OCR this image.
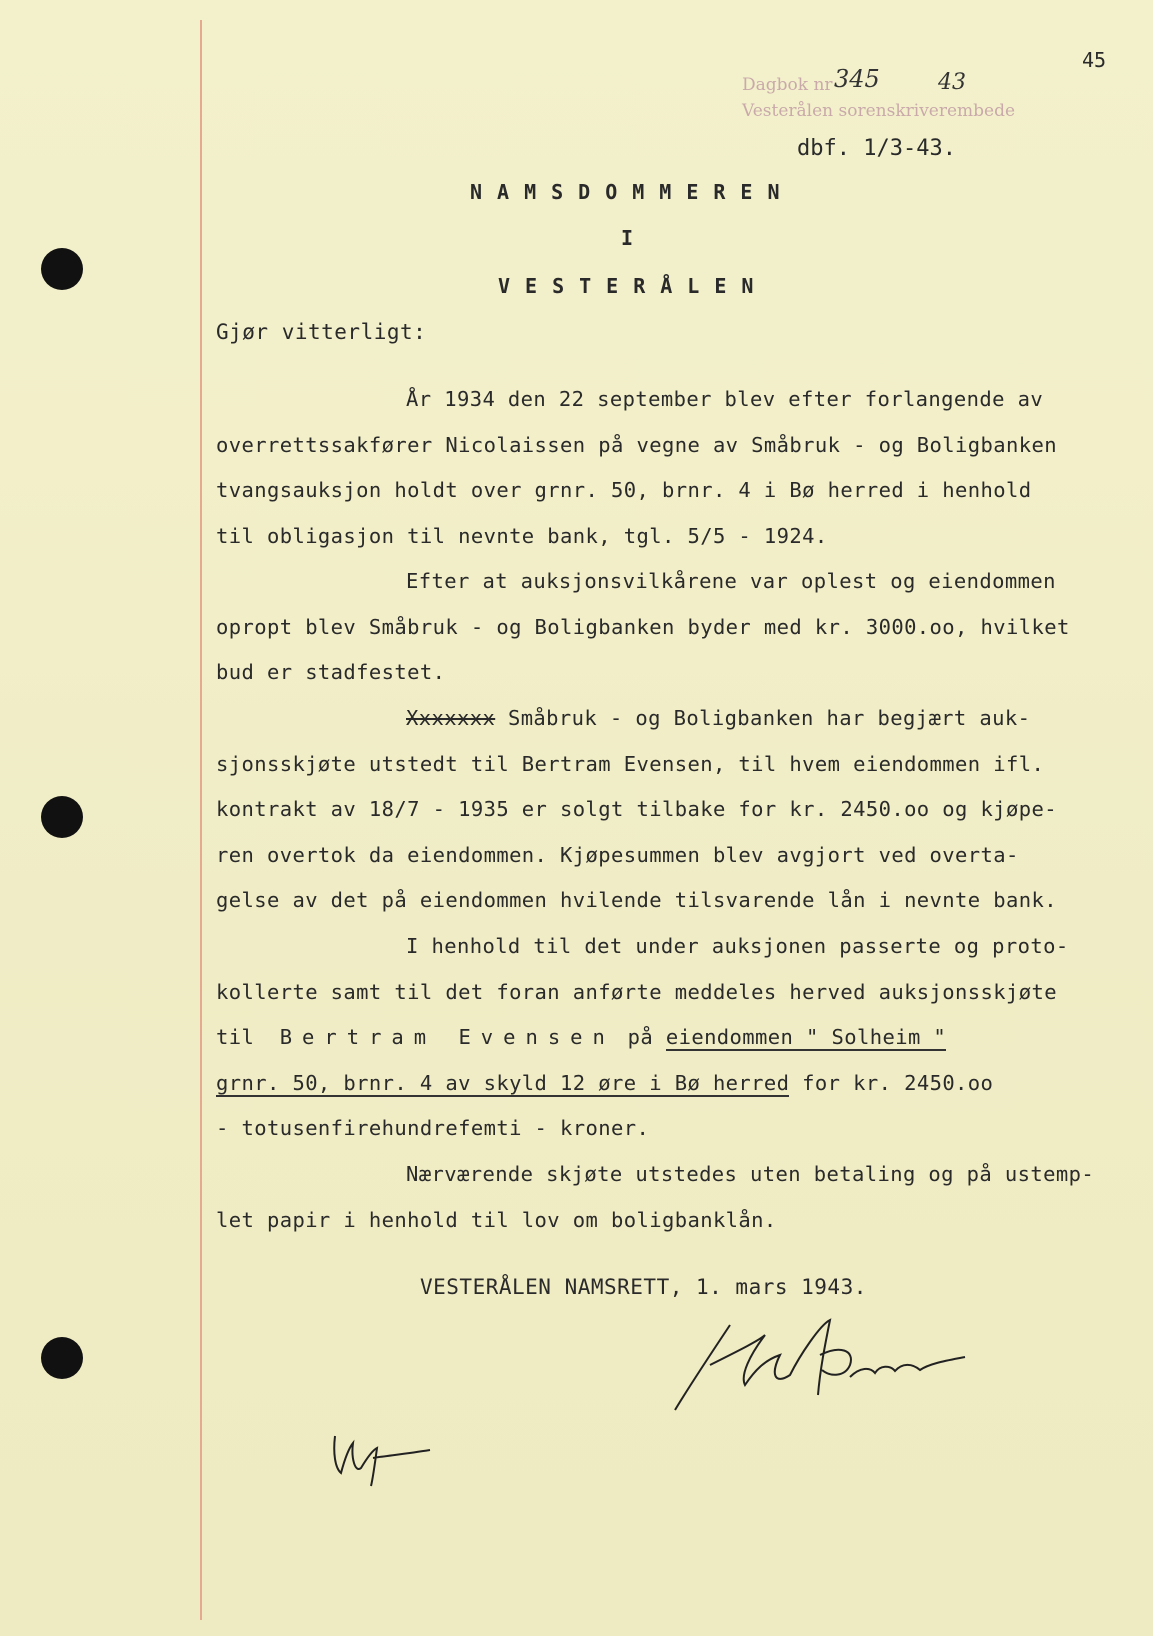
45
Dagbok nr
Vesterålen sorenskriverembede
345	43
dbf. 1/3-43.
NAMSDOMMEREN
I
VESTERÅLEN
Gjør vitterligt:
År 1934 den 22 september blev efter forlangende av
overrettssakfører Nicolaissen på vegne av Småbruk - og Boligbanken
tvangsauksjon holdt over grnr. 50, brnr. 4 i Bø herred i henhold
til obligasjon til nevnte bank, tgl. 5/5 - 1924.
Efter at auksjonsvilkårene var oplest og eiendommen
opropt blev Småbruk - og Boligbanken byder med kr. 3000.oo, hvilket
bud er stadfestet.
Xxxxxxx Småbruk - og Boligbanken har begjært auk-
sjonsskjøte utstedt til Bertram Evensen, til hvem eiendommen ifl.
kontrakt av 18/7 - 1935 er solgt tilbake for kr. 2450.oo og kjøpe-
ren overtok da eiendommen. Kjøpesummen blev avgjort ved overta-
gelse av det på eiendommen hvilende tilsvarende lån i nevnte bank.
I henhold til det under auksjonen passerte og proto-
kollerte samt til det foran anførte meddeles herved auksjonsskjøte
til Bertram Evensen på eiendommen " Solheim "
grnr. 50, brnr. 4 av skyld 12 øre i Bø herred for kr. 2450.oo
- totusenfirehundrefemti - kroner.
Nærværende skjøte utstedes uten betaling og på ustemp-
let papir i henhold til lov om boligbanklån.
VESTERÅLEN NAMSRETT, 1. mars 1943.
